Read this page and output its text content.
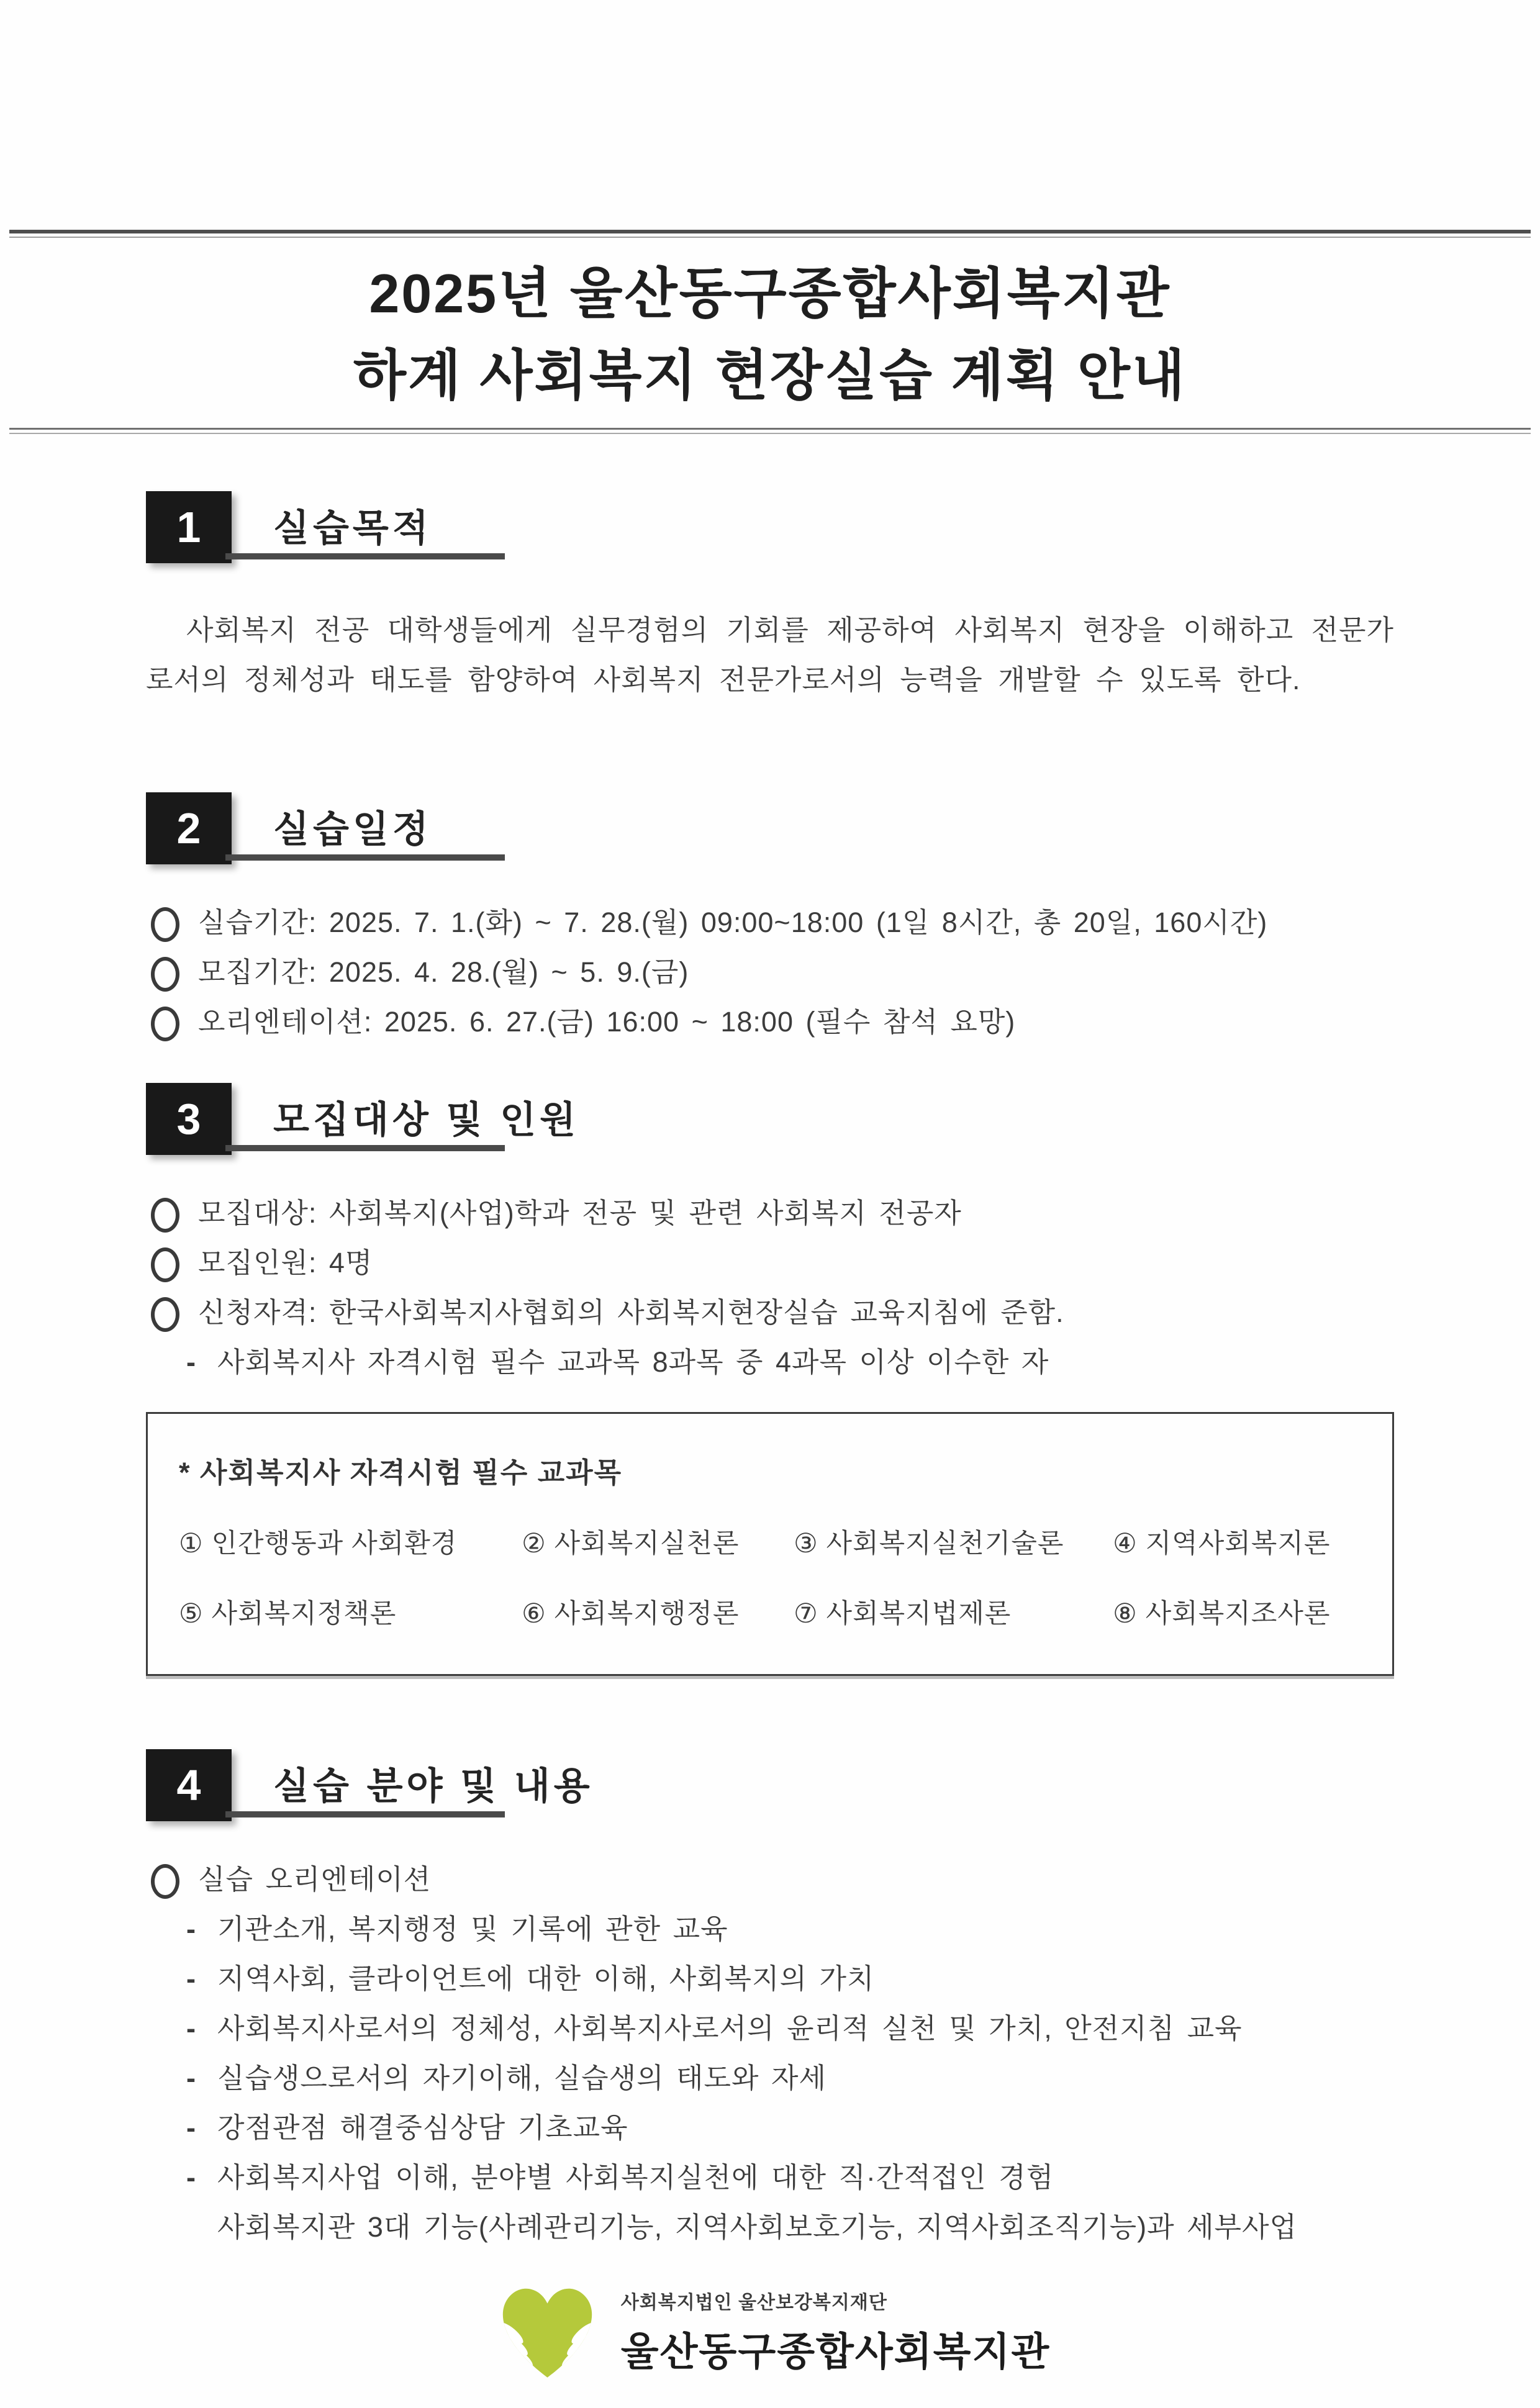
2025년 울산동구종합사회복지관
하계 사회복지 현장실습 계획 안내
1	실습목적

사회복지 전공 대학생들에게 실무경험의 기회를 제공하여 사회복지 현장을 이해하고 전문가로서의 정체성과 태도를 함양하여 사회복지 전문가로서의 능력을 개발할 수 있도록 한다.

2	실습일정
실습기간: 2025. 7. 1.(화) ~ 7. 28.(월) 09:00~18:00 (1일 8시간, 총 20일, 160시간)
모집기간: 2025. 4. 28.(월) ~ 5. 9.(금)
오리엔테이션: 2025. 6. 27.(금) 16:00 ~ 18:00 (필수 참석 요망)
3	모집대상 및 인원
모집대상: 사회복지(사업)학과 전공 및 관련 사회복지 전공자
모집인원: 4명
신청자격: 한국사회복지사협회의 사회복지현장실습 교육지침에 준함.
- 사회복지사 자격시험 필수 교과목 8과목 중 4과목 이상 이수한 자
* 사회복지사 자격시험 필수 교과목
① 인간행동과 사회환경	② 사회복지실천론	③ 사회복지실천기술론	④ 지역사회복지론
⑤ 사회복지정책론	⑥ 사회복지행정론	⑦ 사회복지법제론	⑧ 사회복지조사론
4	실습 분야 및 내용
실습 오리엔테이션
- 기관소개, 복지행정 및 기록에 관한 교육
- 지역사회, 클라이언트에 대한 이해, 사회복지의 가치
- 사회복지사로서의 정체성, 사회복지사로서의 윤리적 실천 및 가치, 안전지침 교육
- 실습생으로서의 자기이해, 실습생의 태도와 자세
- 강점관점 해결중심상담 기초교육
- 사회복지사업 이해, 분야별 사회복지실천에 대한 직·간적접인 경험
사회복지관 3대 기능(사례관리기능, 지역사회보호기능, 지역사회조직기능)과 세부사업
사회복지법인 울산보강복지재단
울산동구종합사회복지관
